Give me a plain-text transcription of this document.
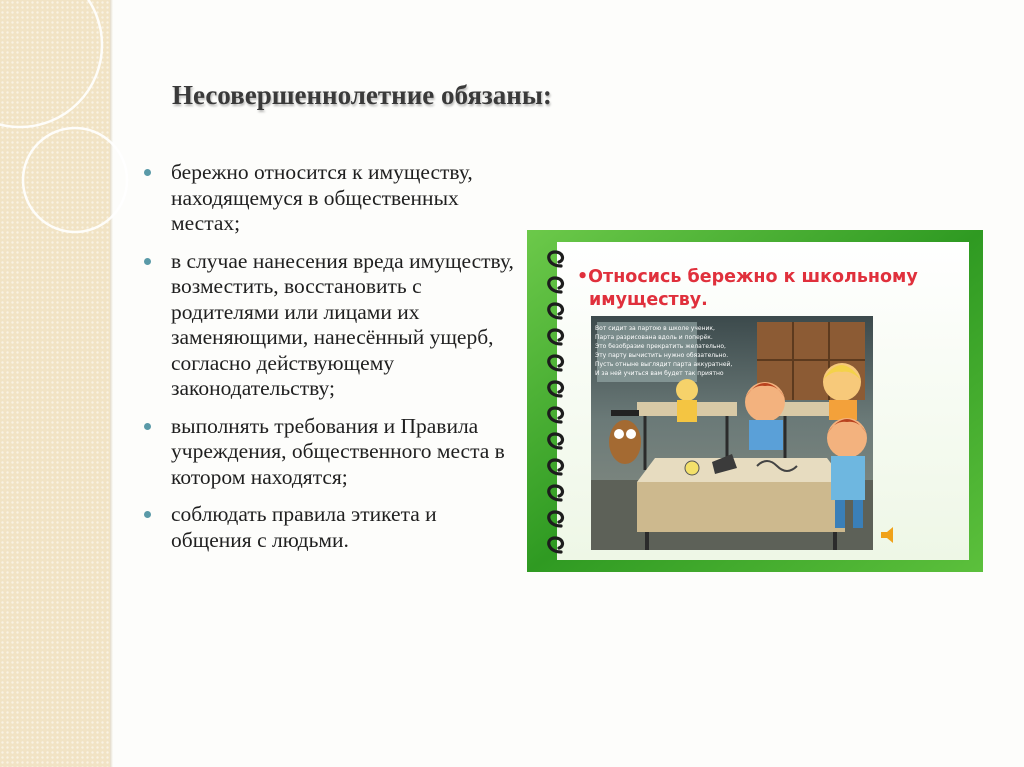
Несовершеннолетние обязаны:
бережно относится к имуществу, находящемуся в общественных местах;
в случае нанесения вреда имуществу, возместить, восстановить с родителями или лицами их заменяющими, нанесённый ущерб, согласно действующему законодательству;
выполнять требования и Правила учреждения, общественного места в котором находятся;
соблюдать правила этикета и общения с людьми.
•Относись бережно к школьному
имуществу.
Вот сидит за партою в школе ученик,
Парта разрисована вдоль и поперёк.
Это безобразие прекратить желательно,
Эту парту вычистить нужно обязательно.
Пусть отныне выглядит парта аккуратней,
И за ней учиться вам будет так приятно
